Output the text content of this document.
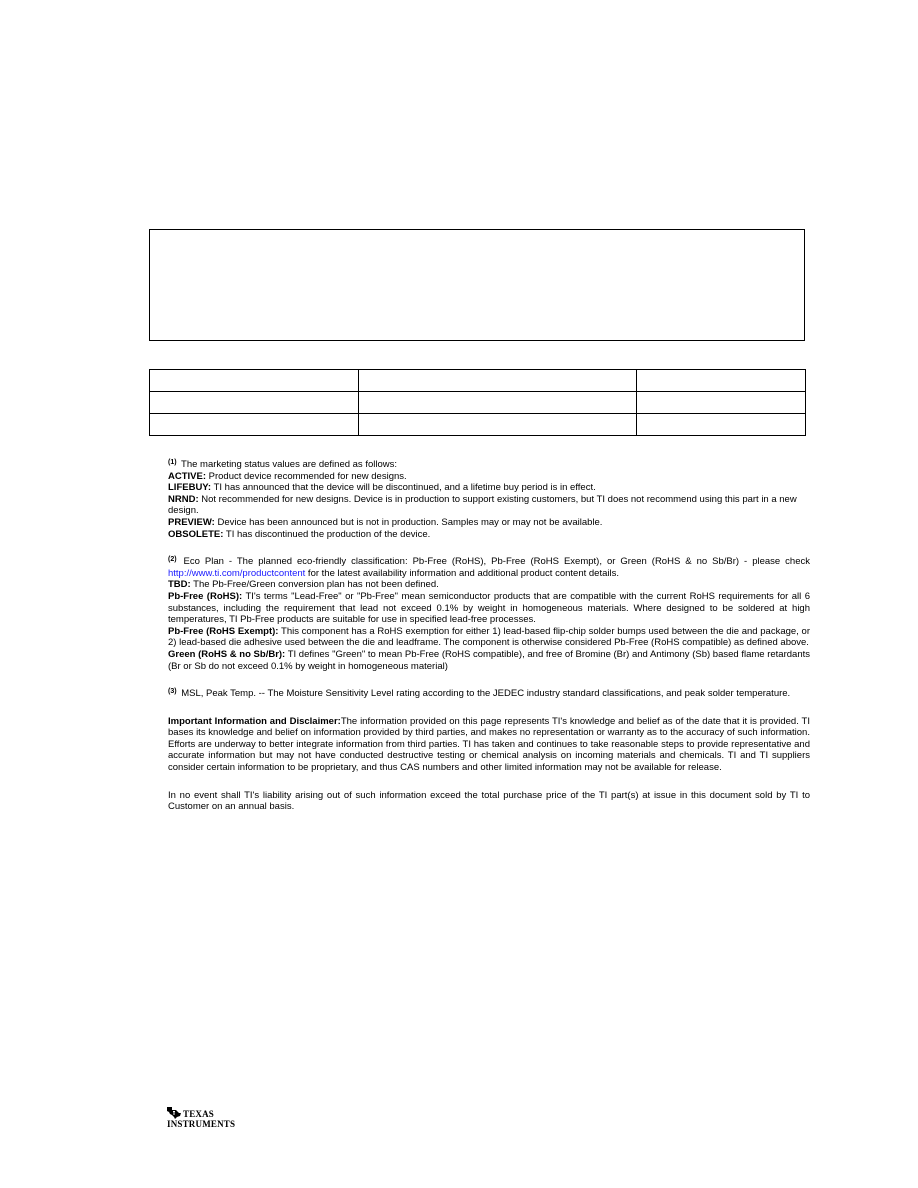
$^{(1)}$ The marketing status values are defined as follows:

ACTIVE: Product device recommended for new designs.

LIFEBUY: TI has announced that the device will be discontinued, and a lifetime buy period is in effect.

NRND: Not recommended for new designs. Device is in production to support existing customers, but TI does not recommend using this part in a new design.

PREVIEW: Device has been announced but is not in production. Samples may or may not be available.

OBSOLETE: TI has discontinued the production of the device.

$^{(2)}$ Eco Plan - The planned eco-friendly classification: Pb-Free (RoHS), Pb-Free (RoHS Exempt), or Green (RoHS & no Sb/Br) - please check http://www.ti.com/productcontent for the latest availability information and additional product content details.

TBD: The Pb-Free/Green conversion plan has not been defined.

Pb-Free (RoHS): TI's terms "Lead-Free" or "Pb-Free" mean semiconductor products that are compatible with the current RoHS requirements for all 6 substances, including the requirement that lead not exceed 0.1% by weight in homogeneous materials. Where designed to be soldered at high temperatures, TI Pb-Free products are suitable for use in specified lead-free processes.

Pb-Free (RoHS Exempt): This component has a RoHS exemption for either 1) lead-based flip-chip solder bumps used between the die and package, or 2) lead-based die adhesive used between the die and leadframe. The component is otherwise considered Pb-Free (RoHS compatible) as defined above.

Green (RoHS & no Sb/Br): TI defines "Green" to mean Pb-Free (RoHS compatible), and free of Bromine (Br) and Antimony (Sb) based flame retardants (Br or Sb do not exceed 0.1% by weight in homogeneous material)

$^{(3)}$ MSL, Peak Temp. -- The Moisture Sensitivity Level rating according to the JEDEC industry standard classifications, and peak solder temperature.

Important Information and Disclaimer:The information provided on this page represents TI's knowledge and belief as of the date that it is provided. TI bases its knowledge and belief on information provided by third parties, and makes no representation or warranty as to the accuracy of such information. Efforts are underway to better integrate information from third parties. TI has taken and continues to take reasonable steps to provide representative and accurate information but may not have conducted destructive testing or chemical analysis on incoming materials and chemicals. TI and TI suppliers consider certain information to be proprietary, and thus CAS numbers and other limited information may not be available for release.

In no event shall TI's liability arising out of such information exceed the total purchase price of the TI part(s) at issue in this document sold by TI to Customer on an annual basis.

TEXAS
INSTRUMENTS
